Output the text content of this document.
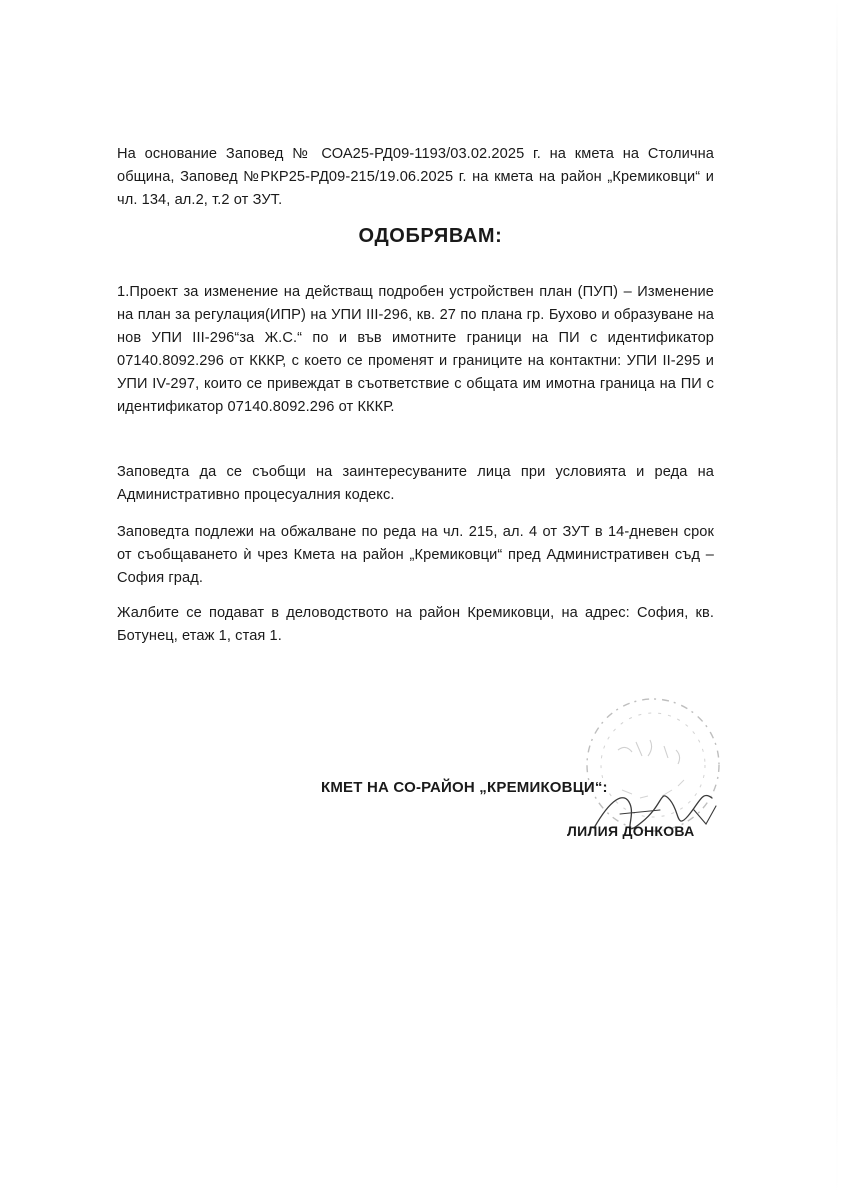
На основание Заповед № СОА25-РД09-1193/03.02.2025 г. на кмета на Столична община, Заповед №РКР25-РД09-215/19.06.2025 г. на кмета на район „Кремиковци“ и чл. 134, ал.2, т.2 от ЗУТ.

ОДОБРЯВАМ:

1.Проект за изменение на действащ подробен устройствен план (ПУП) – Изменение на план за регулация(ИПР) на УПИ III-296, кв. 27 по плана гр. Бухово и образуване на нов УПИ III-296“за Ж.С.“ по и във имотните граници на ПИ с идентификатор 07140.8092.296 от КККР, с което се променят и границите на контактни: УПИ II-295 и УПИ IV-297, които се привеждат в съответствие с общата им имотна граница на ПИ с идентификатор 07140.8092.296 от КККР.

Заповедта да се съобщи на заинтересуваните лица при условията и реда на Административно процесуалния кодекс.

Заповедта подлежи на обжалване по реда на чл. 215, ал. 4 от ЗУТ в 14-дневен срок от съобщаването ѝ чрез Кмета на район „Кремиковци“ пред Административен съд – София град.

Жалбите се подават в деловодството на район Кремиковци, на адрес: София, кв. Ботунец, етаж 1, стая 1.

КМЕТ НА СО-РАЙОН „КРЕМИКОВЦИ“:
ЛИЛИЯ ДОНКОВА
